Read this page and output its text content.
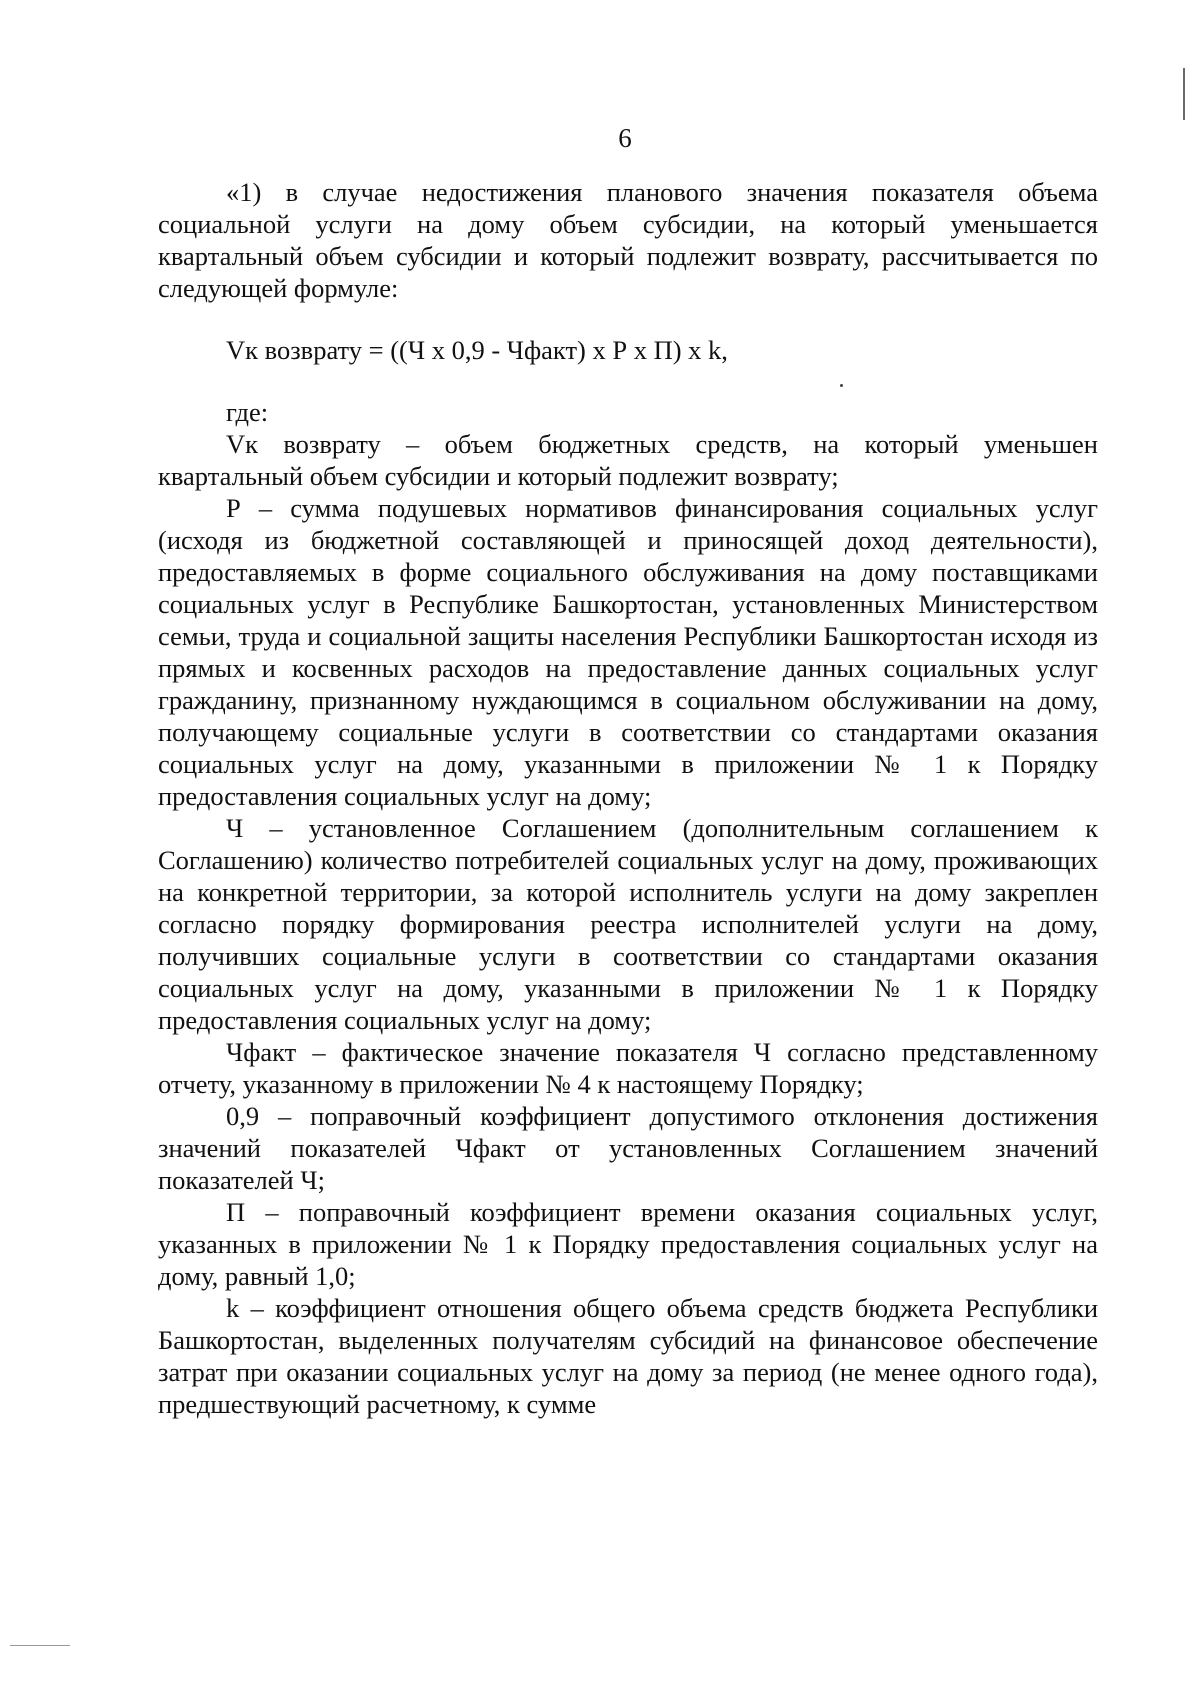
6

«1) в случае недостижения планового значения показателя объема социальной услуги на дому объем субсидии, на который уменьшается квартальный объем субсидии и который подлежит возврату, рассчитывается по следующей формуле:

Vк возврату = ((Ч х 0,9 - Чфакт) х Р х П) х k,

где:

Vк возврату – объем бюджетных средств, на который уменьшен квартальный объем субсидии и который подлежит возврату;

Р – сумма подушевых нормативов финансирования социальных услуг (исходя из бюджетной составляющей и приносящей доход деятельности), предоставляемых в форме социального обслуживания на дому поставщиками социальных услуг в Республике Башкортостан, установленных Министерством семьи, труда и социальной защиты населения Республики Башкортостан исходя из прямых и косвенных расходов на предоставление данных социальных услуг гражданину, признанному нуждающимся в социальном обслуживании на дому, получающему социальные услуги в соответствии со стандартами оказания социальных услуг на дому, указанными в приложении № 1 к Порядку предоставления социальных услуг на дому;

Ч – установленное Соглашением (дополнительным соглашением к Соглашению) количество потребителей социальных услуг на дому, проживающих на конкретной территории, за которой исполнитель услуги на дому закреплен согласно порядку формирования реестра исполнителей услуги на дому, получивших социальные услуги в соответствии со стандартами оказания социальных услуг на дому, указанными в приложении № 1 к Порядку предоставления социальных услуг на дому;

Чфакт – фактическое значение показателя Ч согласно представленному отчету, указанному в приложении № 4 к настоящему Порядку;

0,9 – поправочный коэффициент допустимого отклонения достижения значений показателей Чфакт от установленных Соглашением значений показателей Ч;

П – поправочный коэффициент времени оказания социальных услуг, указанных в приложении № 1 к Порядку предоставления социальных услуг на дому, равный 1,0;

k – коэффициент отношения общего объема средств бюджета Республики Башкортостан, выделенных получателям субсидий на финансовое обеспечение затрат при оказании социальных услуг на дому за период (не менее одного года), предшествующий расчетному, к сумме
